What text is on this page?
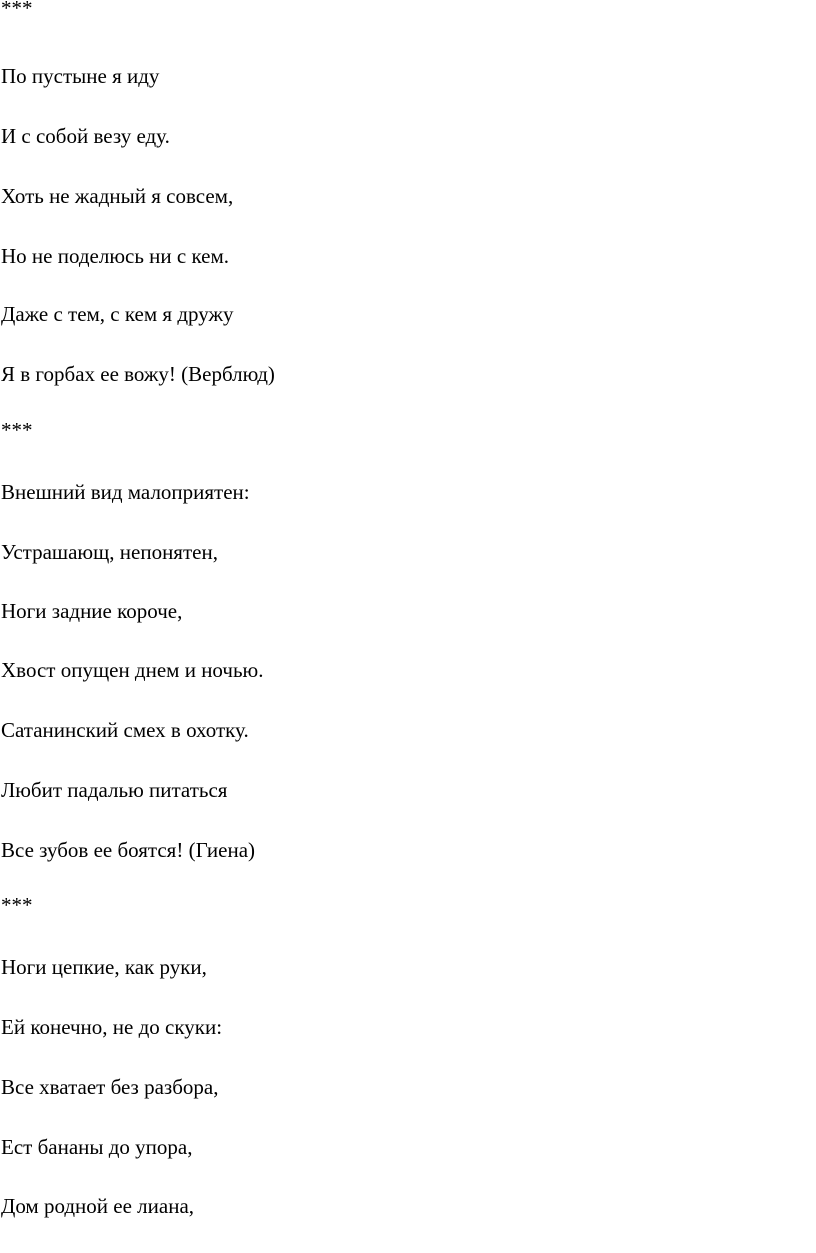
***

По пустыне я иду

И с собой везу еду.

Хоть не жадный я совсем,

Но не поделюсь ни с кем.

Даже с тем, с кем я дружу

Я в горбах ее вожу! (Верблюд)

***

Внешний вид малоприятен:

Устрашающ, непонятен,

Ноги задние короче,

Хвост опущен днем и ночью.

Сатанинский смех в охотку.

Любит падалью питаться

Все зубов ее боятся! (Гиена)

***

Ноги цепкие, как руки,

Ей конечно, не до скуки:

Все хватает без разбора,

Ест бананы до упора,

Дом родной ее лиана,
